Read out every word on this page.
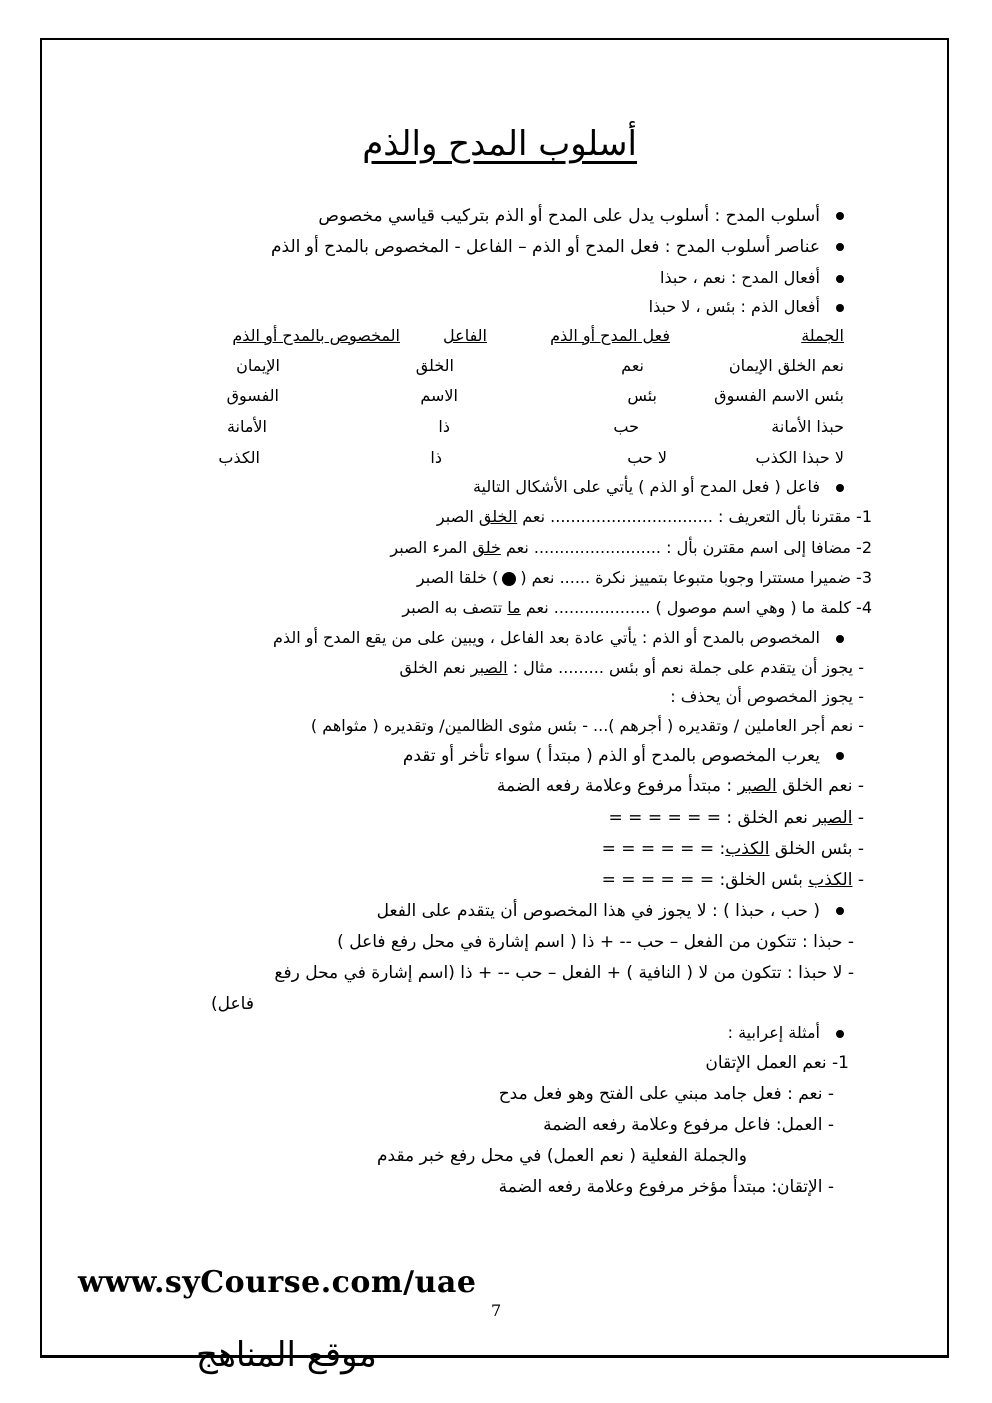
أسلوب المدح والذم
أسلوب المدح : أسلوب يدل على المدح أو الذم بتركيب قياسي مخصوص
عناصر أسلوب المدح : فعل المدح أو الذم – الفاعل - المخصوص بالمدح أو الذم
أفعال المدح : نعم ، حبذا
أفعال الذم : بئس ، لا حبذا
الجملة
فعل المدح أو الذم
الفاعل
المخصوص بالمدح أو الذم
نعم الخلق الإيمان
نعم
الخلق
الإيمان
بئس الاسم الفسوق
بئس
الاسم
الفسوق
حبذا الأمانة
حب
ذا
الأمانة
لا حبذا الكذب
لا حب
ذا
الكذب
فاعل ( فعل المدح أو الذم ) يأتي على الأشكال التالية
1- مقترنا بأل التعريف : ................................ نعم الخلق الصبر
2- مضافا إلى اسم مقترن بأل : ......................... نعم خلق المرء الصبر
3- ضميرا مستترا وجوبا متبوعا بتمييز نكرة ...... نعم () خلقا الصبر
4- كلمة ما ( وهي اسم موصول ) ................... نعم ما تتصف به الصبر
المخصوص بالمدح أو الذم : يأتي عادة بعد الفاعل ، ويبين على من يقع المدح أو الذم
- يجوز أن يتقدم على جملة نعم أو بئس ......... مثال : الصبر نعم الخلق
- يجوز المخصوص أن يحذف :
- نعم أجر العاملين / وتقديره ( أجرهم )... - بئس مثوى الظالمين/ وتقديره ( مثواهم )
يعرب المخصوص بالمدح أو الذم ( مبتدأ ) سواء تأخر أو تقدم
- نعم الخلق الصبر : مبتدأ مرفوع وعلامة رفعه الضمة
- الصبر نعم الخلق : = = = = = =
- بئس الخلق الكذب: = = = = = =
- الكذب بئس الخلق: = = = = = =
( حب ، حبذا ) : لا يجوز في هذا المخصوص أن يتقدم على الفعل
- حبذا : تتكون من الفعل – حب -- + ذا ( اسم إشارة في محل رفع فاعل )
- لا حبذا : تتكون من لا ( النافية ) + الفعل – حب -- + ذا (اسم إشارة في محل رفع
فاعل)
أمثلة إعرابية :
1- نعم العمل الإتقان
- نعم : فعل جامد مبني على الفتح وهو فعل مدح
- العمل: فاعل مرفوع وعلامة رفعه الضمة
والجملة الفعلية ( نعم العمل) في محل رفع خبر مقدم
- الإتقان: مبتدأ مؤخر مرفوع وعلامة رفعه الضمة
www.syCourse.com/uae
7
موقع المناهج
